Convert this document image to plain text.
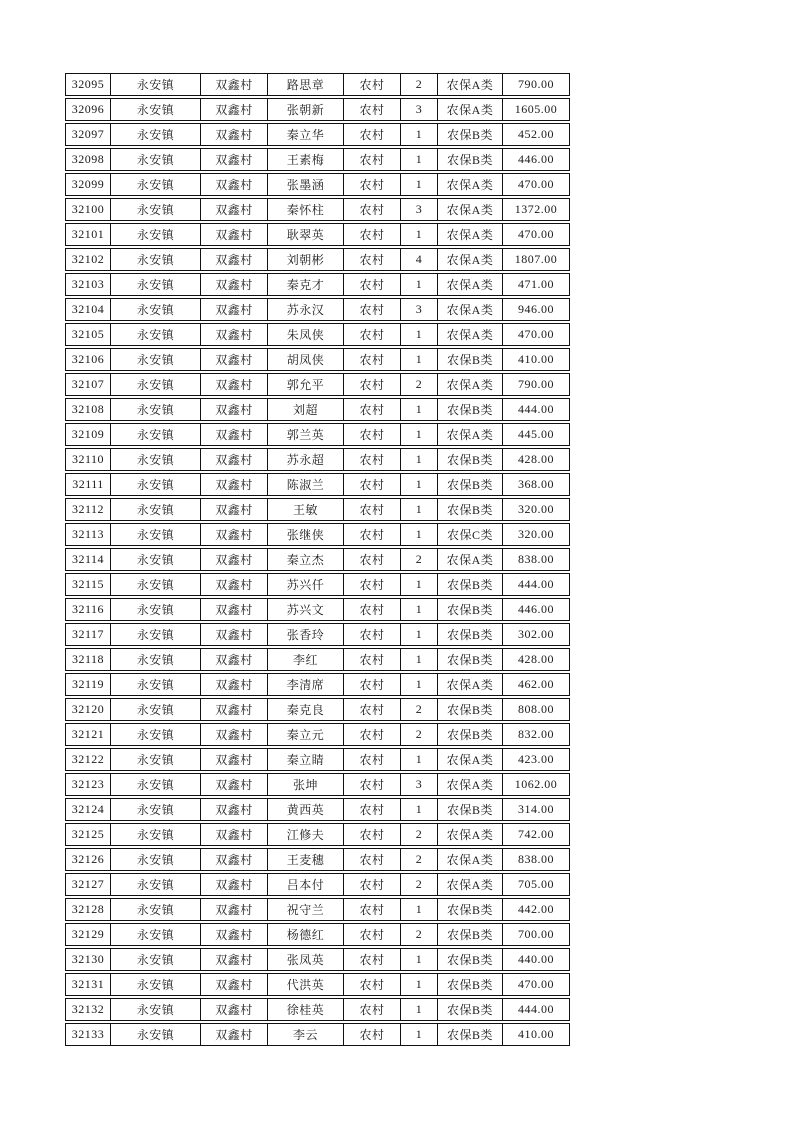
32095	永安镇	双鑫村	路思章	农村	2	农保A类	790.00
32096	永安镇	双鑫村	张朝新	农村	3	农保A类	1605.00
32097	永安镇	双鑫村	秦立华	农村	1	农保B类	452.00
32098	永安镇	双鑫村	王素梅	农村	1	农保B类	446.00
32099	永安镇	双鑫村	张墨涵	农村	1	农保A类	470.00
32100	永安镇	双鑫村	秦怀柱	农村	3	农保A类	1372.00
32101	永安镇	双鑫村	耿翠英	农村	1	农保A类	470.00
32102	永安镇	双鑫村	刘朝彬	农村	4	农保A类	1807.00
32103	永安镇	双鑫村	秦克才	农村	1	农保A类	471.00
32104	永安镇	双鑫村	苏永汉	农村	3	农保A类	946.00
32105	永安镇	双鑫村	朱凤侠	农村	1	农保A类	470.00
32106	永安镇	双鑫村	胡凤侠	农村	1	农保B类	410.00
32107	永安镇	双鑫村	郭允平	农村	2	农保A类	790.00
32108	永安镇	双鑫村	刘超	农村	1	农保B类	444.00
32109	永安镇	双鑫村	郭兰英	农村	1	农保A类	445.00
32110	永安镇	双鑫村	苏永超	农村	1	农保B类	428.00
32111	永安镇	双鑫村	陈淑兰	农村	1	农保B类	368.00
32112	永安镇	双鑫村	王敏	农村	1	农保B类	320.00
32113	永安镇	双鑫村	张继侠	农村	1	农保C类	320.00
32114	永安镇	双鑫村	秦立杰	农村	2	农保A类	838.00
32115	永安镇	双鑫村	苏兴仟	农村	1	农保B类	444.00
32116	永安镇	双鑫村	苏兴文	农村	1	农保B类	446.00
32117	永安镇	双鑫村	张香玲	农村	1	农保B类	302.00
32118	永安镇	双鑫村	李红	农村	1	农保B类	428.00
32119	永安镇	双鑫村	李清席	农村	1	农保A类	462.00
32120	永安镇	双鑫村	秦克良	农村	2	农保B类	808.00
32121	永安镇	双鑫村	秦立元	农村	2	农保B类	832.00
32122	永安镇	双鑫村	秦立睛	农村	1	农保A类	423.00
32123	永安镇	双鑫村	张坤	农村	3	农保A类	1062.00
32124	永安镇	双鑫村	黄西英	农村	1	农保B类	314.00
32125	永安镇	双鑫村	江修夫	农村	2	农保A类	742.00
32126	永安镇	双鑫村	王麦穗	农村	2	农保A类	838.00
32127	永安镇	双鑫村	吕本付	农村	2	农保A类	705.00
32128	永安镇	双鑫村	祝守兰	农村	1	农保B类	442.00
32129	永安镇	双鑫村	杨德红	农村	2	农保B类	700.00
32130	永安镇	双鑫村	张凤英	农村	1	农保B类	440.00
32131	永安镇	双鑫村	代洪英	农村	1	农保B类	470.00
32132	永安镇	双鑫村	徐桂英	农村	1	农保B类	444.00
32133	永安镇	双鑫村	李云	农村	1	农保B类	410.00
